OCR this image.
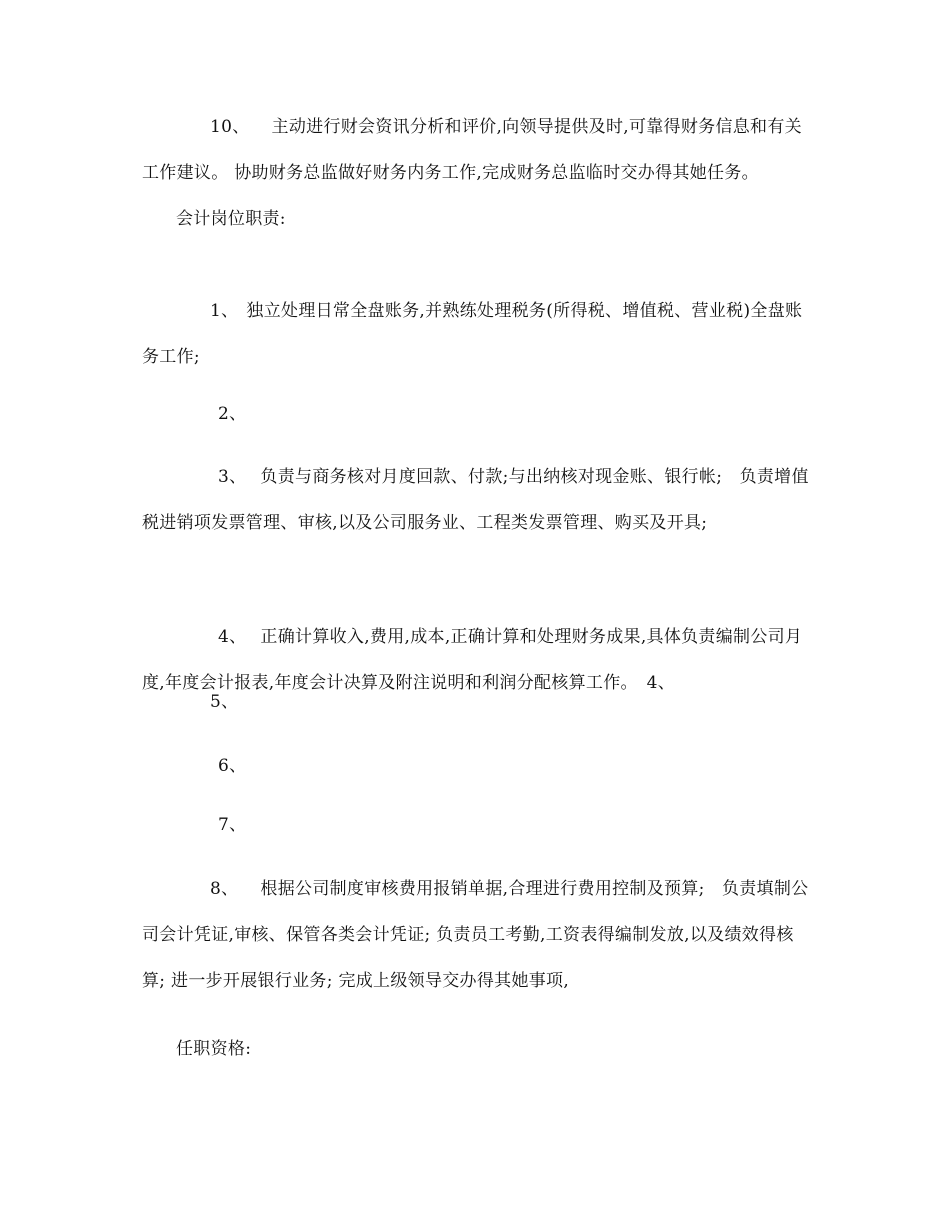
10、 主动进行财会资讯分析和评价,向领导提供及时,可靠得财务信息和有关工作建议。 协助财务总监做好财务内务工作,完成财务总监临时交办得其她任务。

会计岗位职责:

1、 独立处理日常全盘账务,并熟练处理税务(所得税、增值税、营业税)全盘账务工作;

2、

3、 负责与商务核对月度回款、付款;与出纳核对现金账、银行帐;　负责增值税进销项发票管理、审核,以及公司服务业、工程类发票管理、购买及开具;

4、 正确计算收入,费用,成本,正确计算和处理财务成果,具体负责编制公司月度,年度会计报表,年度会计决算及附注说明和利润分配核算工作。　4、

5、

6、

7、

8、 根据公司制度审核费用报销单据,合理进行费用控制及预算;　负责填制公司会计凭证,审核、保管各类会计凭证; 负责员工考勤,工资表得编制发放,以及绩效得核算; 进一步开展银行业务; 完成上级领导交办得其她事项,

任职资格:
